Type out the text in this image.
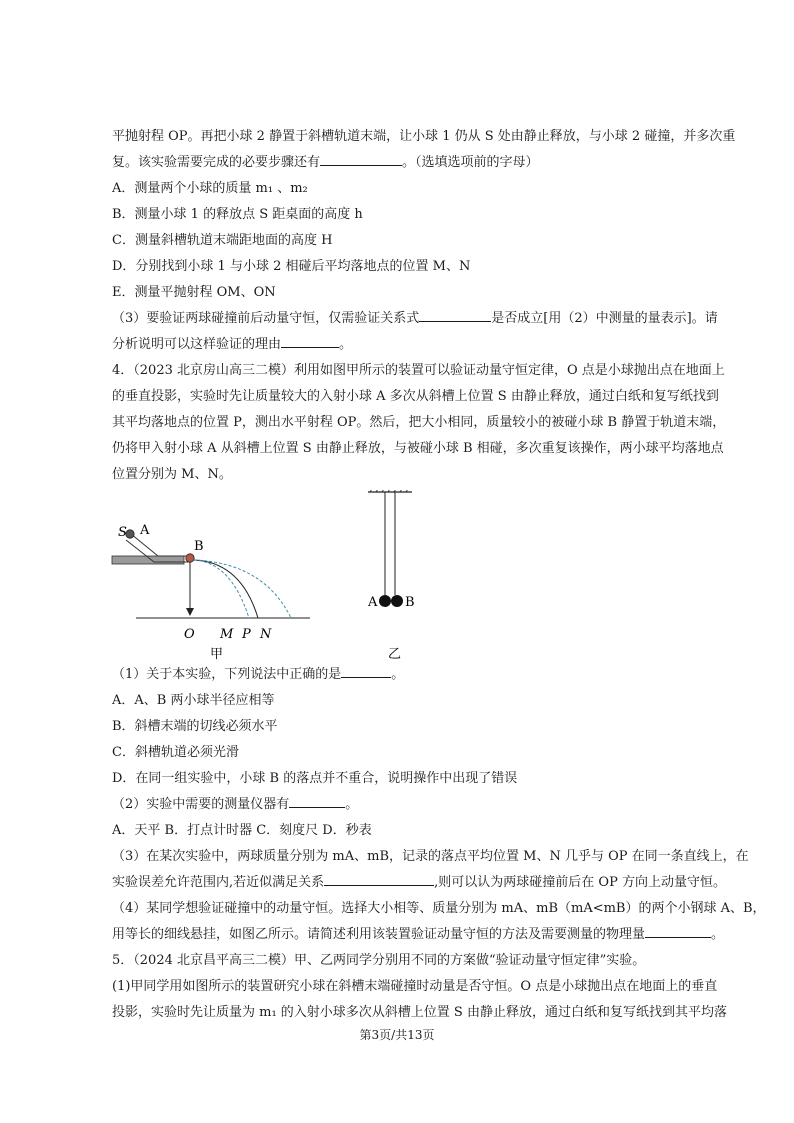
平抛射程 OP。再把小球 2 静置于斜槽轨道末端，让小球 1 仍从 S 处由静止释放，与小球 2 碰撞，并多次重
复。该实验需要完成的必要步骤还有	。（选填选项前的字母）
A．测量两个小球的质量 m₁ 、m₂
B．测量小球 1 的释放点 S 距桌面的高度 h
C．测量斜槽轨道末端距地面的高度 H
D．分别找到小球 1 与小球 2 相碰后平均落地点的位置 M、N
E．测量平抛射程 OM、ON
（3）要验证两球碰撞前后动量守恒，仅需验证关系式	是否成立[用（2）中测量的量表示]。请
分析说明可以这样验证的理由	。
4．（2023 北京房山高三二模）利用如图甲所示的装置可以验证动量守恒定律，O 点是小球抛出点在地面上
的垂直投影，实验时先让质量较大的入射小球 A 多次从斜槽上位置 S 由静止释放，通过白纸和复写纸找到
其平均落地点的位置 P，测出水平射程 OP。然后，把大小相同，质量较小的被碰小球 B 静置于轨道末端，
仍将甲入射小球 A 从斜槽上位置 S 由静止释放，与被碰小球 B 相碰，多次重复该操作，两小球平均落地点
位置分别为 M、N。
S A
B
O M P N
甲
A B
乙
（1）关于本实验，下列说法中正确的是	。
A．A、B 两小球半径应相等
B．斜槽末端的切线必须水平
C．斜槽轨道必须光滑
D．在同一组实验中，小球 B 的落点并不重合，说明操作中出现了错误
（2）实验中需要的测量仪器有	。
A．天平 B．打点计时器 C．刻度尺 D．秒表
（3）在某次实验中，两球质量分别为 mA、mB，记录的落点平均位置 M、N 几乎与 OP 在同一条直线上，在
实验误差允许范围内,若近似满足关系	,则可以认为两球碰撞前后在 OP 方向上动量守恒。
（4）某同学想验证碰撞中的动量守恒。选择大小相等、质量分别为 mA、mB（mA<mB）的两个小钢球 A、B，
用等长的细线悬挂，如图乙所示。请简述利用该装置验证动量守恒的方法及需要测量的物理量	。
5．（2024 北京昌平高三二模）甲、乙两同学分别用不同的方案做“验证动量守恒定律”实验。
(1)甲同学用如图所示的装置研究小球在斜槽末端碰撞时动量是否守恒。O 点是小球抛出点在地面上的垂直
投影，实验时先让质量为 m₁ 的入射小球多次从斜槽上位置 S 由静止释放，通过白纸和复写纸找到其平均落
第3页/共13页
